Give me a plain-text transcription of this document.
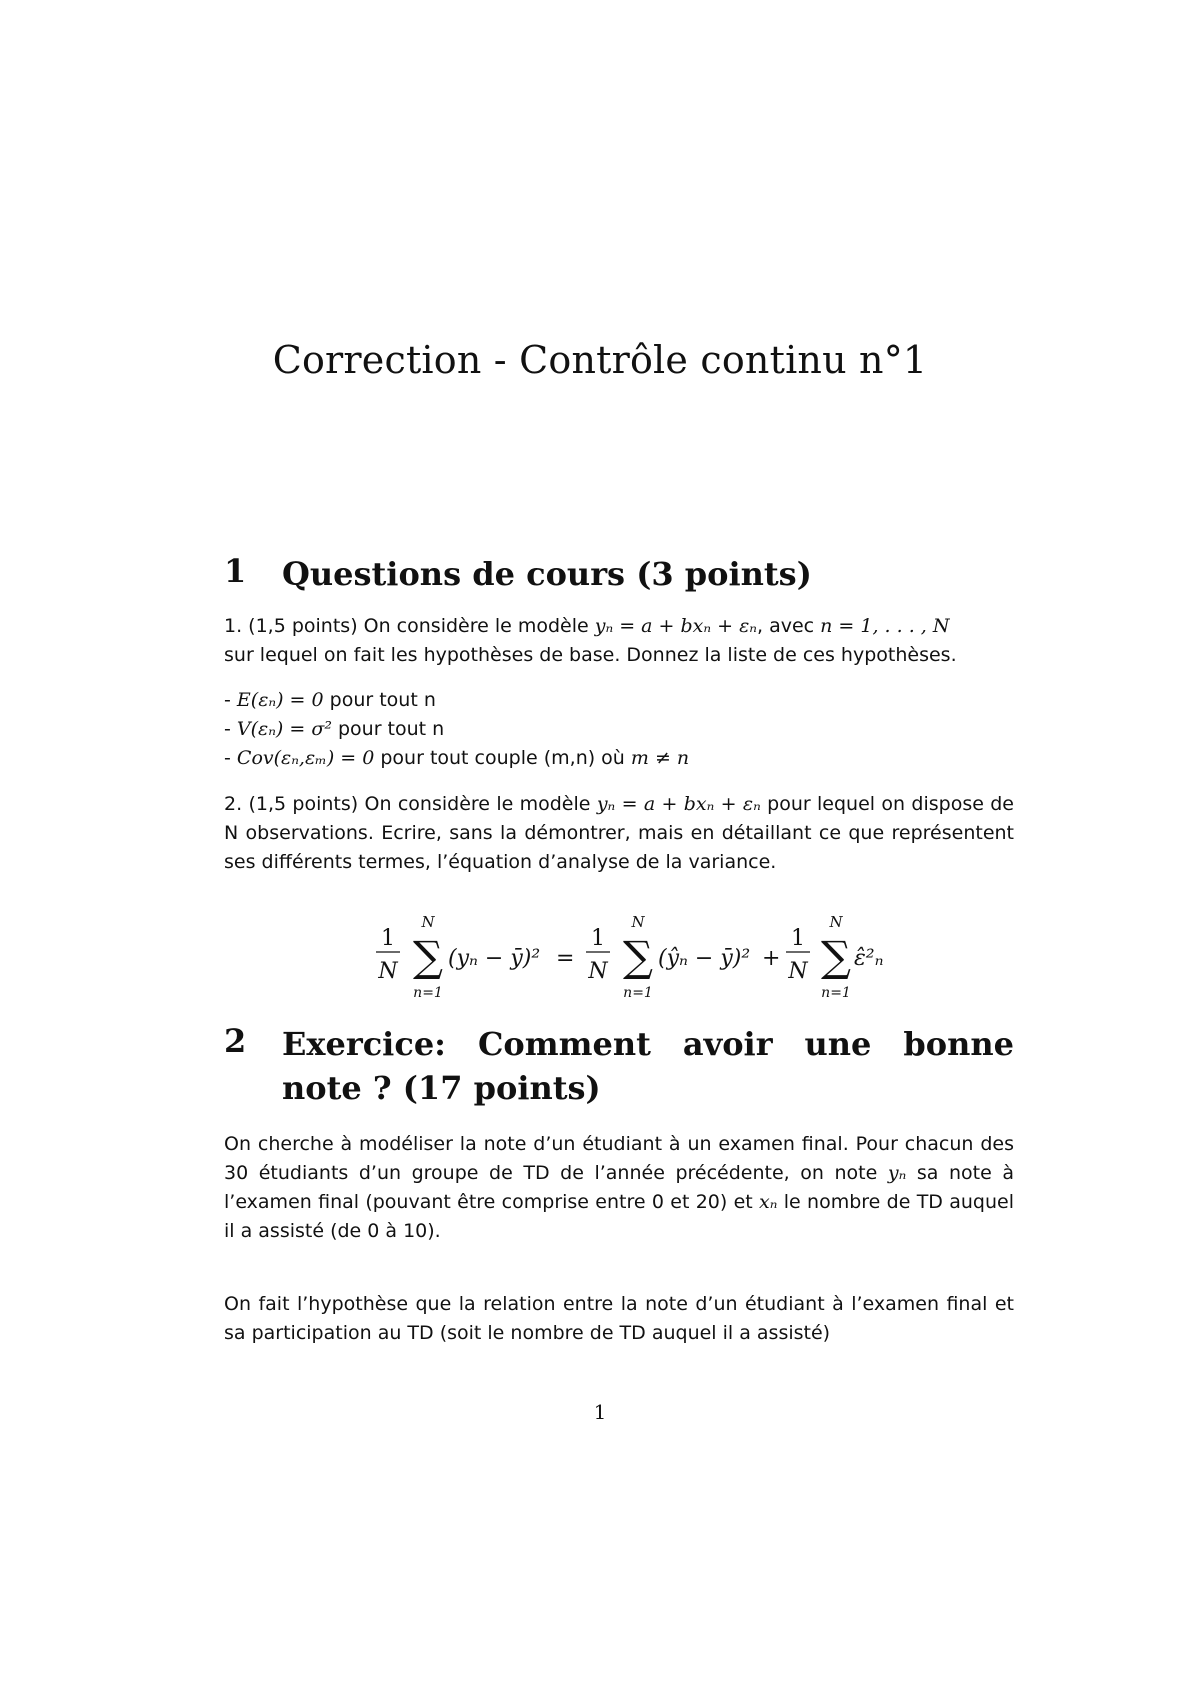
Correction - Contrôle continu n°1
1 Questions de cours (3 points)
1. (1,5 points) On considère le modèle yₙ = a + bxₙ + εₙ, avec n = 1, . . . , N
sur lequel on fait les hypothèses de base. Donnez la liste de ces hypothèses.
- E(εₙ) = 0 pour tout n
- V(εₙ) = σ² pour tout n
- Cov(εₙ,εₘ) = 0 pour tout couple (m,n) où m ≠ n
2. (1,5 points) On considère le modèle yₙ = a + bxₙ + εₙ pour lequel on dispose de N observations. Ecrire, sans la démontrer, mais en détaillant ce que représentent ses différents termes, l’équation d’analyse de la variance.
1
N
N
∑
n=1
(yₙ − ȳ)² =
1
N
N
∑
n=1
(ŷₙ − ȳ)² +
1
N
N
∑
n=1
ε̂²ₙ
2 Exercice: Comment avoir une bonne note ? (17 points)
On cherche à modéliser la note d’un étudiant à un examen final. Pour chacun des 30 étudiants d’un groupe de TD de l’année précédente, on note yₙ sa note à l’examen final (pouvant être comprise entre 0 et 20) et xₙ le nombre de TD auquel il a assisté (de 0 à 10).
On fait l’hypothèse que la relation entre la note d’un étudiant à l’examen final et sa participation au TD (soit le nombre de TD auquel il a assisté)
1
